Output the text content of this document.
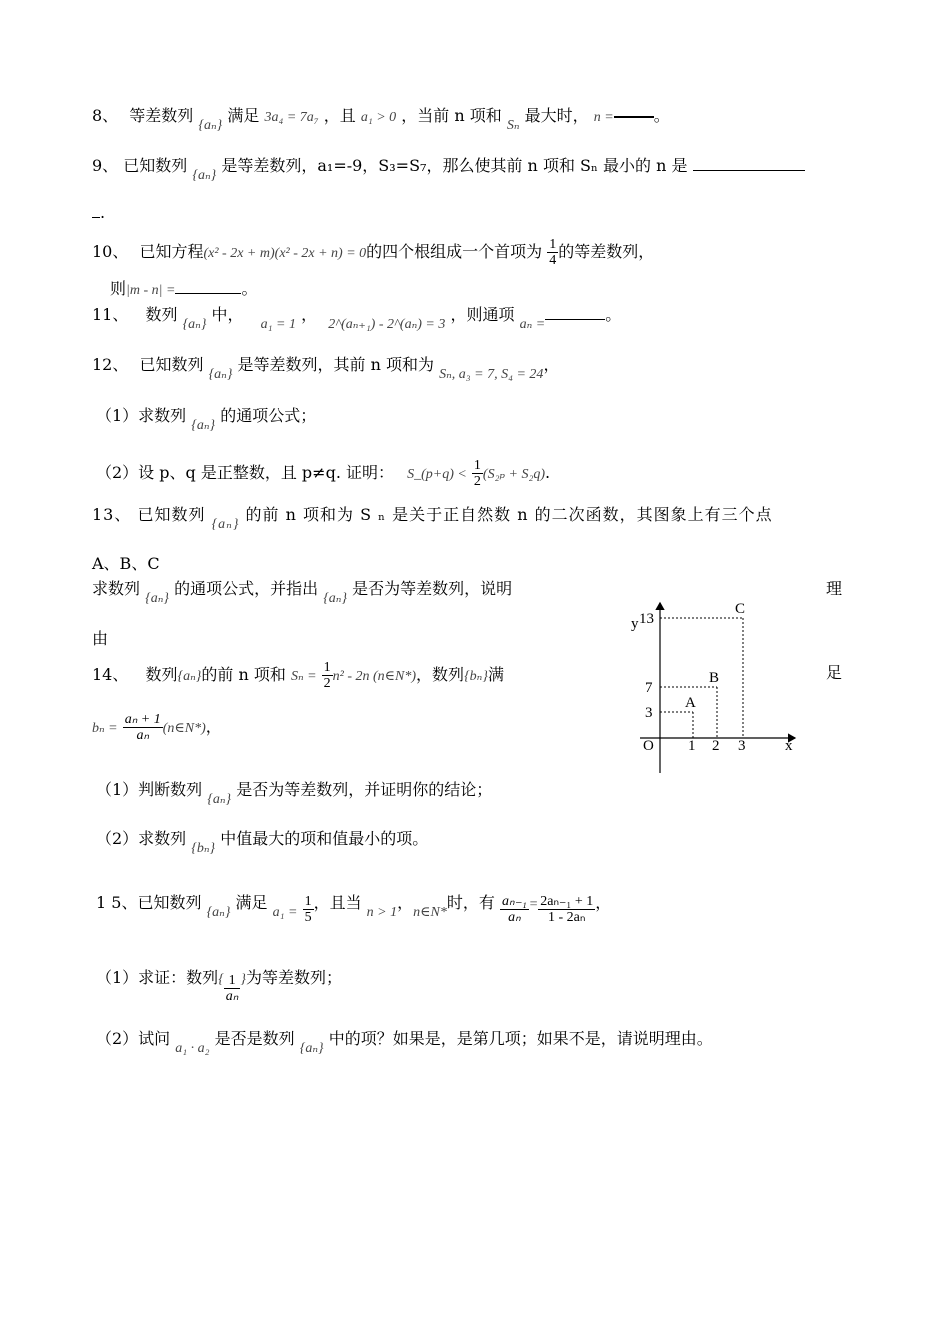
8、 等差数列 {aₙ} 满足 3a₄ = 7a₇ ，且 a₁ > 0 ，当前 n 项和 Sₙ 最大时， n =	。
9、 已知数列 {aₙ} 是等差数列，a₁=-9，S₃=S₇，那么使其前 n 项和 Sₙ 最小的 n 是
.
10、 已知方程(x² - 2x + m)(x² - 2x + n) = 0的四个根组成一个首项为 $\frac{1}{4}$ 的等差数列，
则|m - n| =	。
11、 数列 {aₙ} 中， a₁ = 1 ， 2^(aₙ₊₁) - 2^(aₙ) = 3 ，则通项 aₙ =。
12、 已知数列 {aₙ} 是等差数列，其前 n 项和为 Sₙ, a₃ = 7, S₄ = 24，
（1）求数列 {aₙ} 的通项公式；
（2）设 p、q 是正整数，且 p≠q. 证明： S_(p+q) < $\frac{1}{2} (S_{2p} + S_2q)$.
13、 已知数列 {aₙ} 的前 n 项和为 S ₙ 是关于正自然数 n 的二次函数，其图象上有三个点
A、B、C
求数列 {aₙ} 的通项公式，并指出 {aₙ} 是否为等差数列，说明	理
由
x
y
O
A
B
C
1 2 3
3
7
13
14、 数列{aₙ}的前 n 项和 $S_n = \frac{1}{2} n^2 - 2n$ (n∈N*)，数列{bₙ}满	足
$b_n = \frac{\text{aₙ + 1}}{\text{aₙ}}$ (n∈N*)，
（1）判断数列 {aₙ} 是否为等差数列，并证明你的结论；
（2）求数列 {bₙ} 中值最大的项和值最小的项。
1 5、已知数列 {aₙ} 满足 $a_1 = \frac{1}{5}$ ，且当 n > 1，n∈N*时，有 $\frac{\text{aₙ₋₁}}{\text{aₙ}} = \frac{\text{2aₙ₋₁ + 1}}{\text{1 - 2aₙ}}$ ，
（1）求证：数列{ $\frac{1}{\text{aₙ}}$ }为等差数列；
（2）试问 a₁ · a₂ 是否是数列 {aₙ} 中的项？如果是，是第几项；如果不是，请说明理由。
